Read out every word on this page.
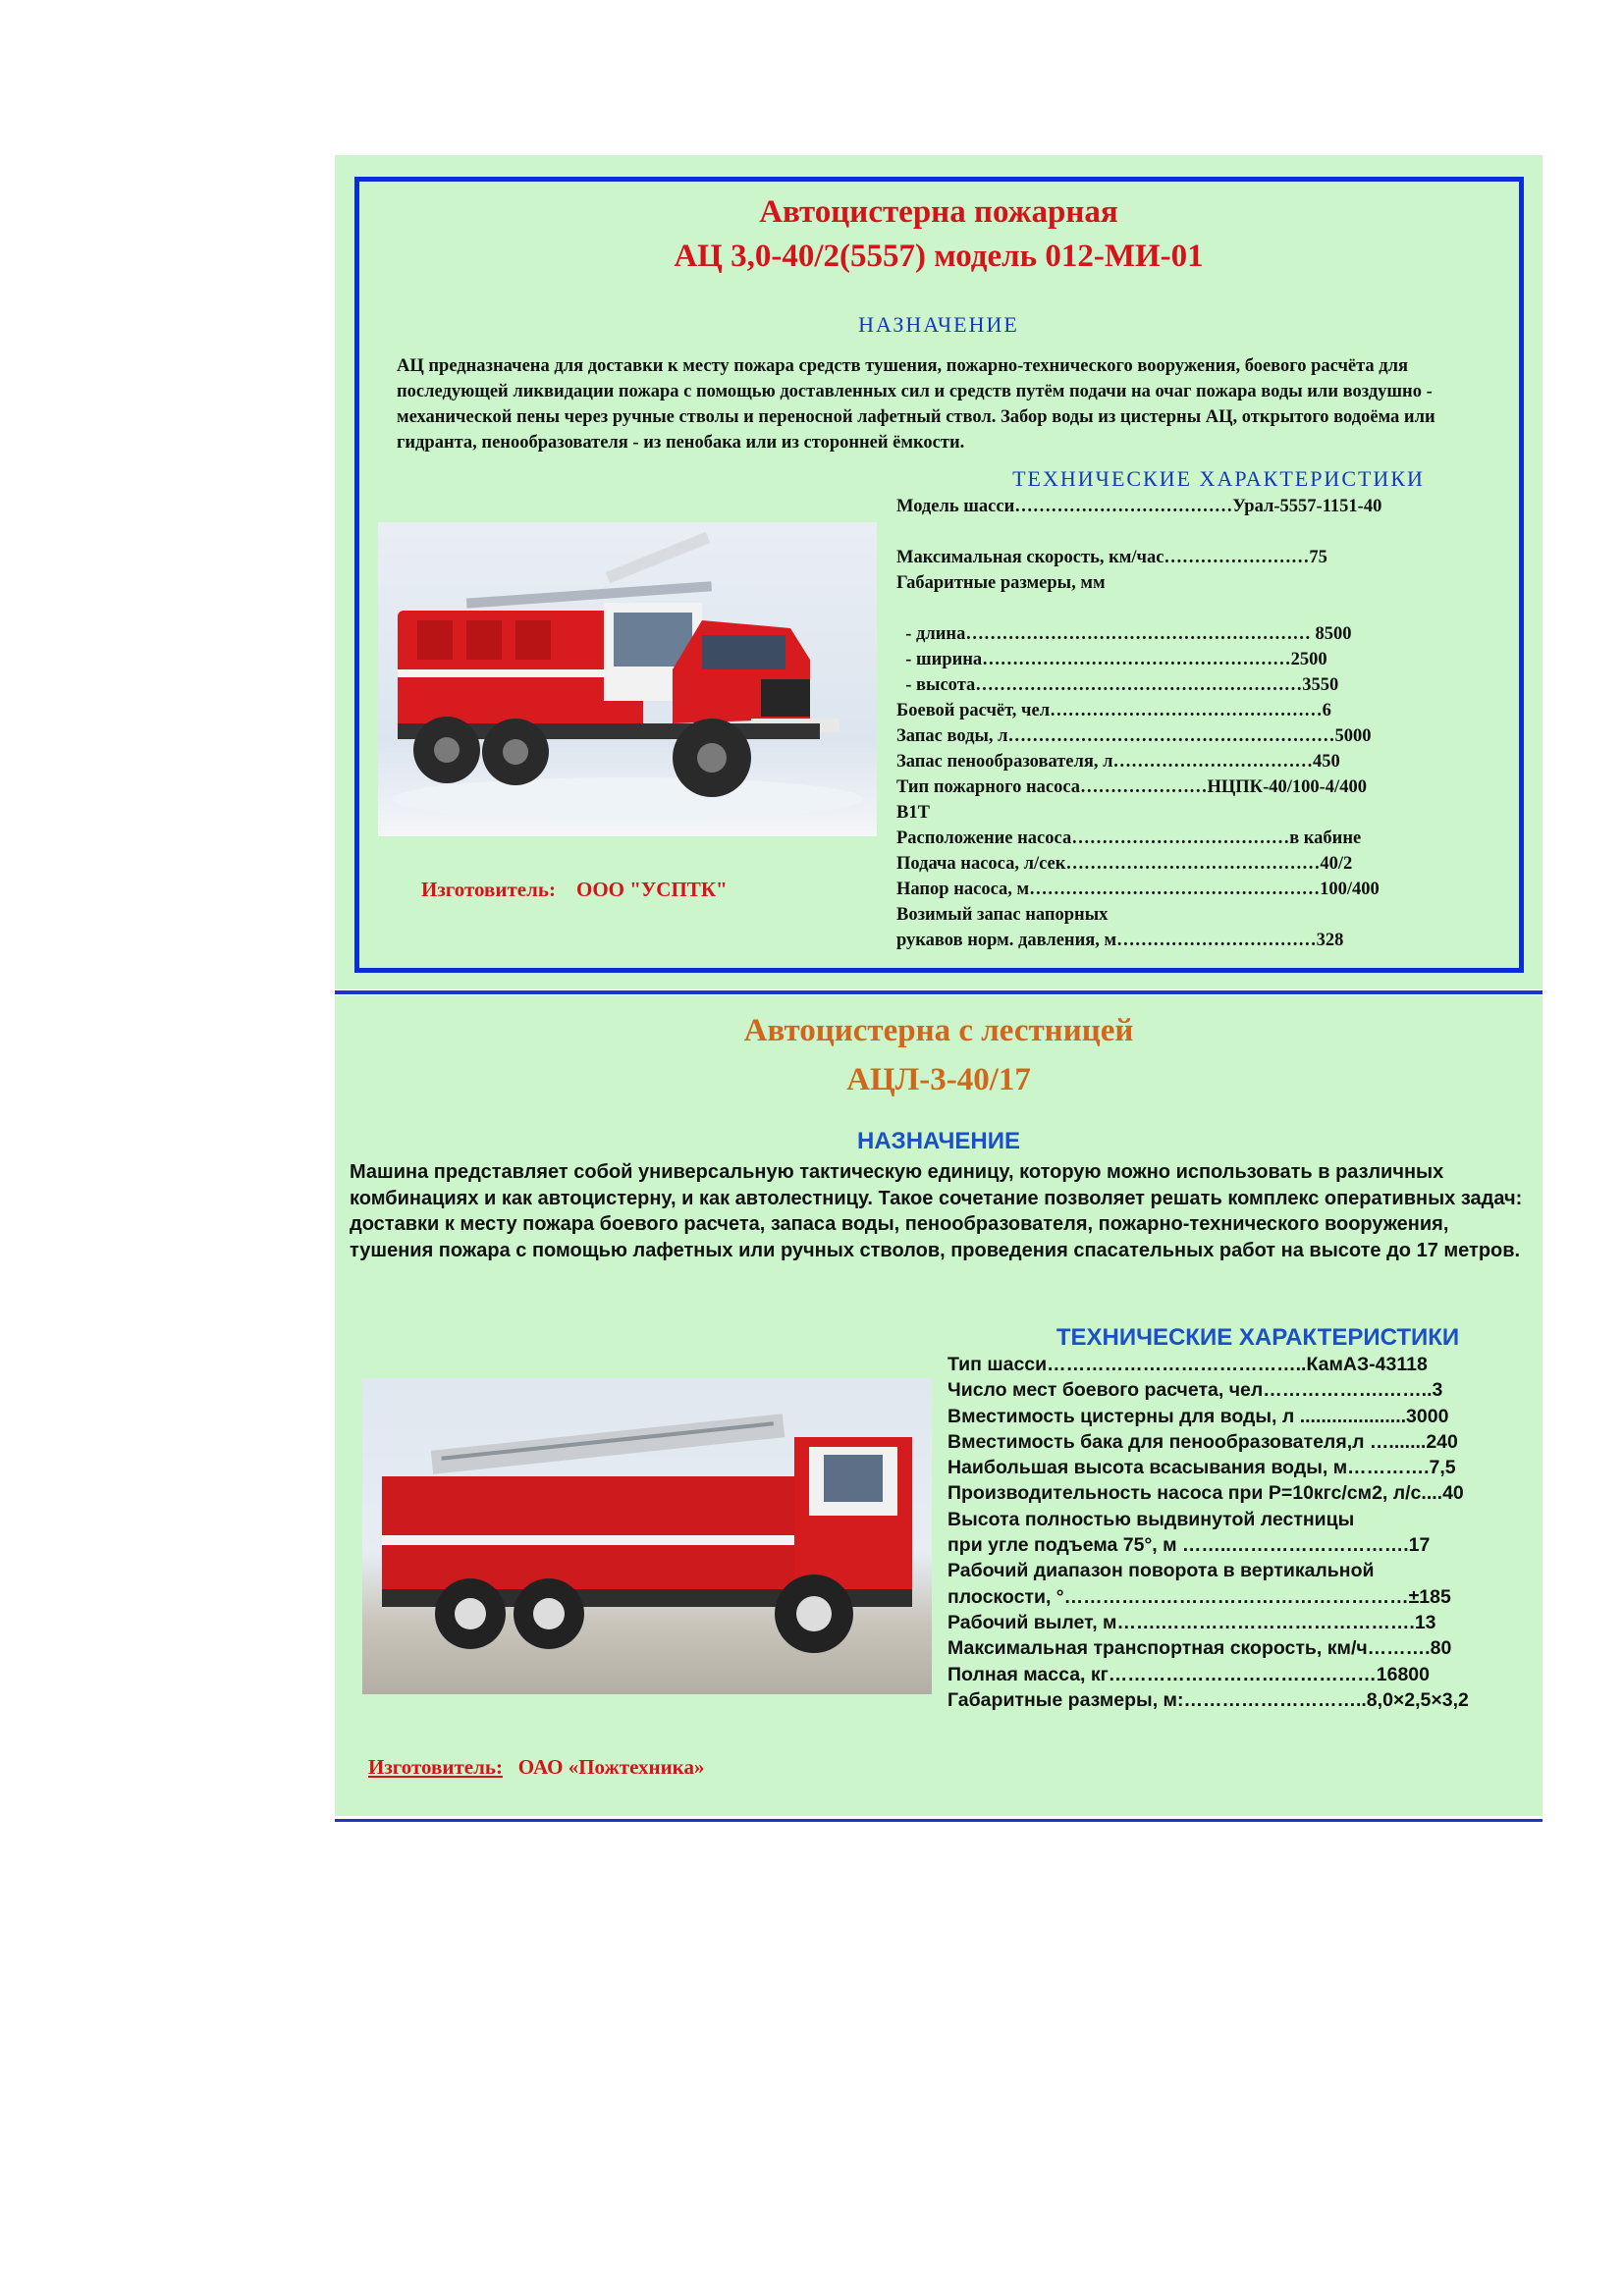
Автоцистерна пожарная
АЦ 3,0-40/2(5557) модель 012-МИ-01
НАЗНАЧЕНИЕ
АЦ предназначена для доставки к месту пожара средств тушения, пожарно-технического вооружения, боевого расчёта для последующей ликвидации пожара с помощью доставленных сил и средств путём подачи на очаг пожара воды или воздушно - механической пены через ручные стволы и переносной лафетный ствол. Забор воды из цистерны АЦ, открытого водоёма или гидранта, пенообразователя - из пенобака или из сторонней ёмкости.
Изготовитель: ООО "УСПТК"
ТЕХНИЧЕСКИЕ ХАРАКТЕРИСТИКИ
Модель шасси………………………………Урал-5557-1151-40

Максимальная скорость, км/час……………………75
Габаритные размеры, мм

- длина………………………………………………… 8500
- ширина……………………………………………2500
- высота………………………………………………3550
Боевой расчёт, чел………………………………………6
Запас воды, л………………………………………………5000
Запас пенообразователя, л……………………………450
Тип пожарного насоса…………………НЦПК-40/100-4/400
В1Т
Расположение насоса………………………………в кабине
Подача насоса, л/сек……………………………………40/2
Напор насоса, м…………………………………………100/400
Возимый запас напорных
рукавов норм. давления, м……………………………328
Автоцистерна с лестницей
АЦЛ-3-40/17
НАЗНАЧЕНИЕ
Машина представляет собой универсальную тактическую единицу, которую можно использовать в различных комбинациях и как автоцистерну, и как автолестницу. Такое сочетание позволяет решать комплекс оперативных задач: доставки к месту пожара боевого расчета, запаса воды, пенообразователя, пожарно-технического вооружения, тушения пожара с помощью лафетных или ручных стволов, проведения спасательных работ на высоте до 17 метров.
ТЕХНИЧЕСКИЕ ХАРАКТЕРИСТИКИ
Тип шасси…………………………………..КамАЗ-43118
Число мест боевого расчета, чел……………….……..3
Вместимость цистерны для воды, л ....................3000
Вместимость бака для пенообразователя,л ….......240
Наибольшая высота всасывания воды, м………….7,5
Производительность насоса при Р=10кгс/см2, л/с....40
Высота полностью выдвинутой лестницы
при угле подъема 75°, м ……..……………………….17
Рабочий диапазон поворота в вертикальной
плоскости, °………………………………………………±185
Рабочий вылет, м…….………………………………….13
Максимальная транспортная скорость, км/ч……….80
Полная масса, кг……………………………………16800
Габаритные размеры, м:………………………..8,0×2,5×3,2
Изготовитель: ОАО «Пожтехника»
